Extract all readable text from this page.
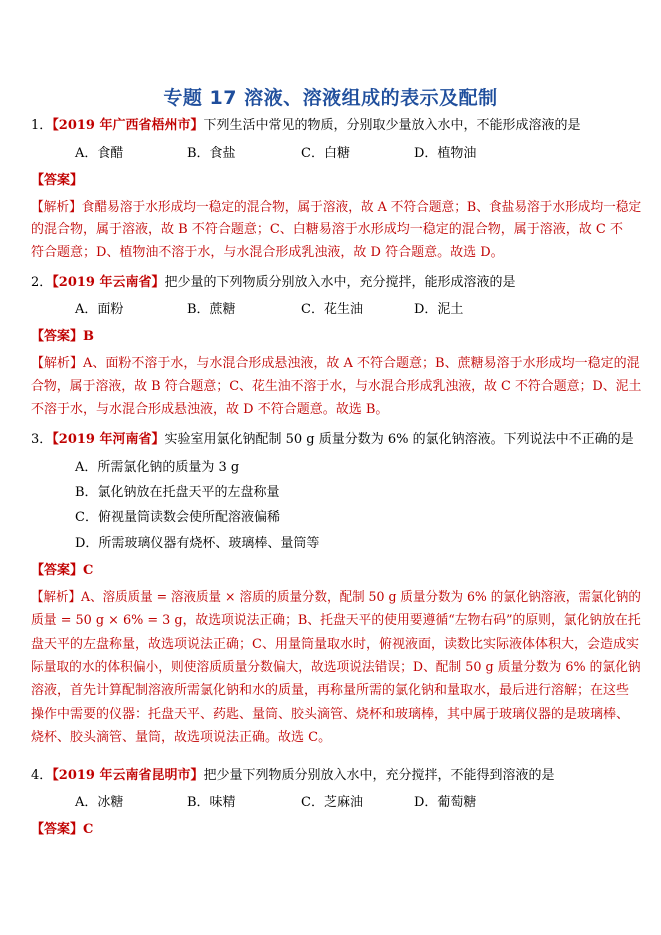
专题 17 溶液、溶液组成的表示及配制
1．【2019 年广西省梧州市】下列生活中常见的物质，分别取少量放入水中，不能形成溶液的是
A．食醋	B．食盐	C．白糖	D．植物油
【答案】
【解析】食醋易溶于水形成均一稳定的混合物，属于溶液，故 A 不符合题意；B、食盐易溶于水形成均一稳定
的混合物，属于溶液，故 B 不符合题意；C、白糖易溶于水形成均一稳定的混合物，属于溶液，故 C 不
符合题意；D、植物油不溶于水，与水混合形成乳浊液，故 D 符合题意。故选 D。
2．【2019 年云南省】把少量的下列物质分别放入水中，充分搅拌，能形成溶液的是
A．面粉	B．蔗糖	C．花生油	D．泥土
【答案】B
【解析】A、面粉不溶于水，与水混合形成悬浊液，故 A 不符合题意；B、蔗糖易溶于水形成均一稳定的混
合物，属于溶液，故 B 符合题意；C、花生油不溶于水，与水混合形成乳浊液，故 C 不符合题意；D、泥土
不溶于水，与水混合形成悬浊液，故 D 不符合题意。故选 B。
3．【2019 年河南省】实验室用氯化钠配制 50 g 质量分数为 6% 的氯化钠溶液。下列说法中不正确的是
A．所需氯化钠的质量为 3 g
B．氯化钠放在托盘天平的左盘称量
C．俯视量筒读数会使所配溶液偏稀
D．所需玻璃仪器有烧杯、玻璃棒、量筒等
【答案】C
【解析】A、溶质质量 = 溶液质量 × 溶质的质量分数，配制 50 g 质量分数为 6% 的氯化钠溶液，需氯化钠的
质量 = 50 g × 6% = 3 g，故选项说法正确；B、托盘天平的使用要遵循“左物右码”的原则，氯化钠放在托
盘天平的左盘称量，故选项说法正确；C、用量筒量取水时，俯视液面，读数比实际液体体积大，会造成实
际量取的水的体积偏小，则使溶质质量分数偏大，故选项说法错误；D、配制 50 g 质量分数为 6% 的氯化钠
溶液，首先计算配制溶液所需氯化钠和水的质量，再称量所需的氯化钠和量取水，最后进行溶解；在这些
操作中需要的仪器：托盘天平、药匙、量筒、胶头滴管、烧杯和玻璃棒，其中属于玻璃仪器的是玻璃棒、
烧杯、胶头滴管、量筒，故选项说法正确。故选 C。
4．【2019 年云南省昆明市】把少量下列物质分别放入水中，充分搅拌，不能得到溶液的是
A．冰糖	B．味精	C．芝麻油	D．葡萄糖
【答案】C
